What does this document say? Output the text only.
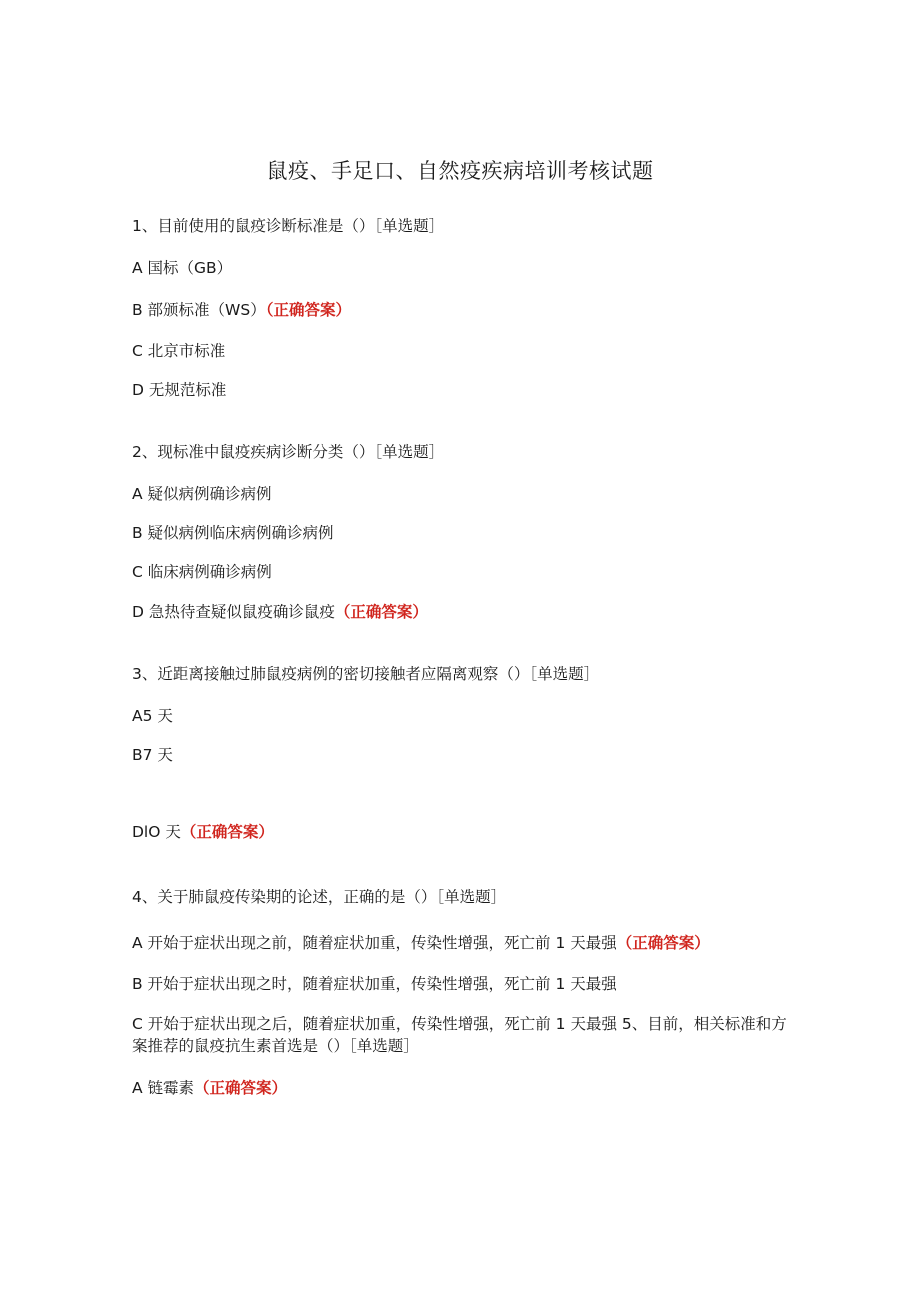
鼠疫、手足口、自然疫疾病培训考核试题
1、目前使用的鼠疫诊断标准是（）［单选题］
A 国标（GB）
B 部颁标准（WS）（正确答案）
C 北京市标准
D 无规范标准
2、现标准中鼠疫疾病诊断分类（）［单选题］
A 疑似病例确诊病例
B 疑似病例临床病例确诊病例
C 临床病例确诊病例
D 急热待查疑似鼠疫确诊鼠疫（正确答案）
3、近距离接触过肺鼠疫病例的密切接触者应隔离观察（）［单选题］
A5 天
B7 天
DlO 天（正确答案）
4、关于肺鼠疫传染期的论述，正确的是（）［单选题］
A 开始于症状出现之前，随着症状加重，传染性增强，死亡前 1 天最强（正确答案）
B 开始于症状出现之时，随着症状加重，传染性增强，死亡前 1 天最强
C 开始于症状出现之后，随着症状加重，传染性增强，死亡前 1 天最强 5、目前，相关标准和方案推荐的鼠疫抗生素首选是（）［单选题］
A 链霉素（正确答案）
